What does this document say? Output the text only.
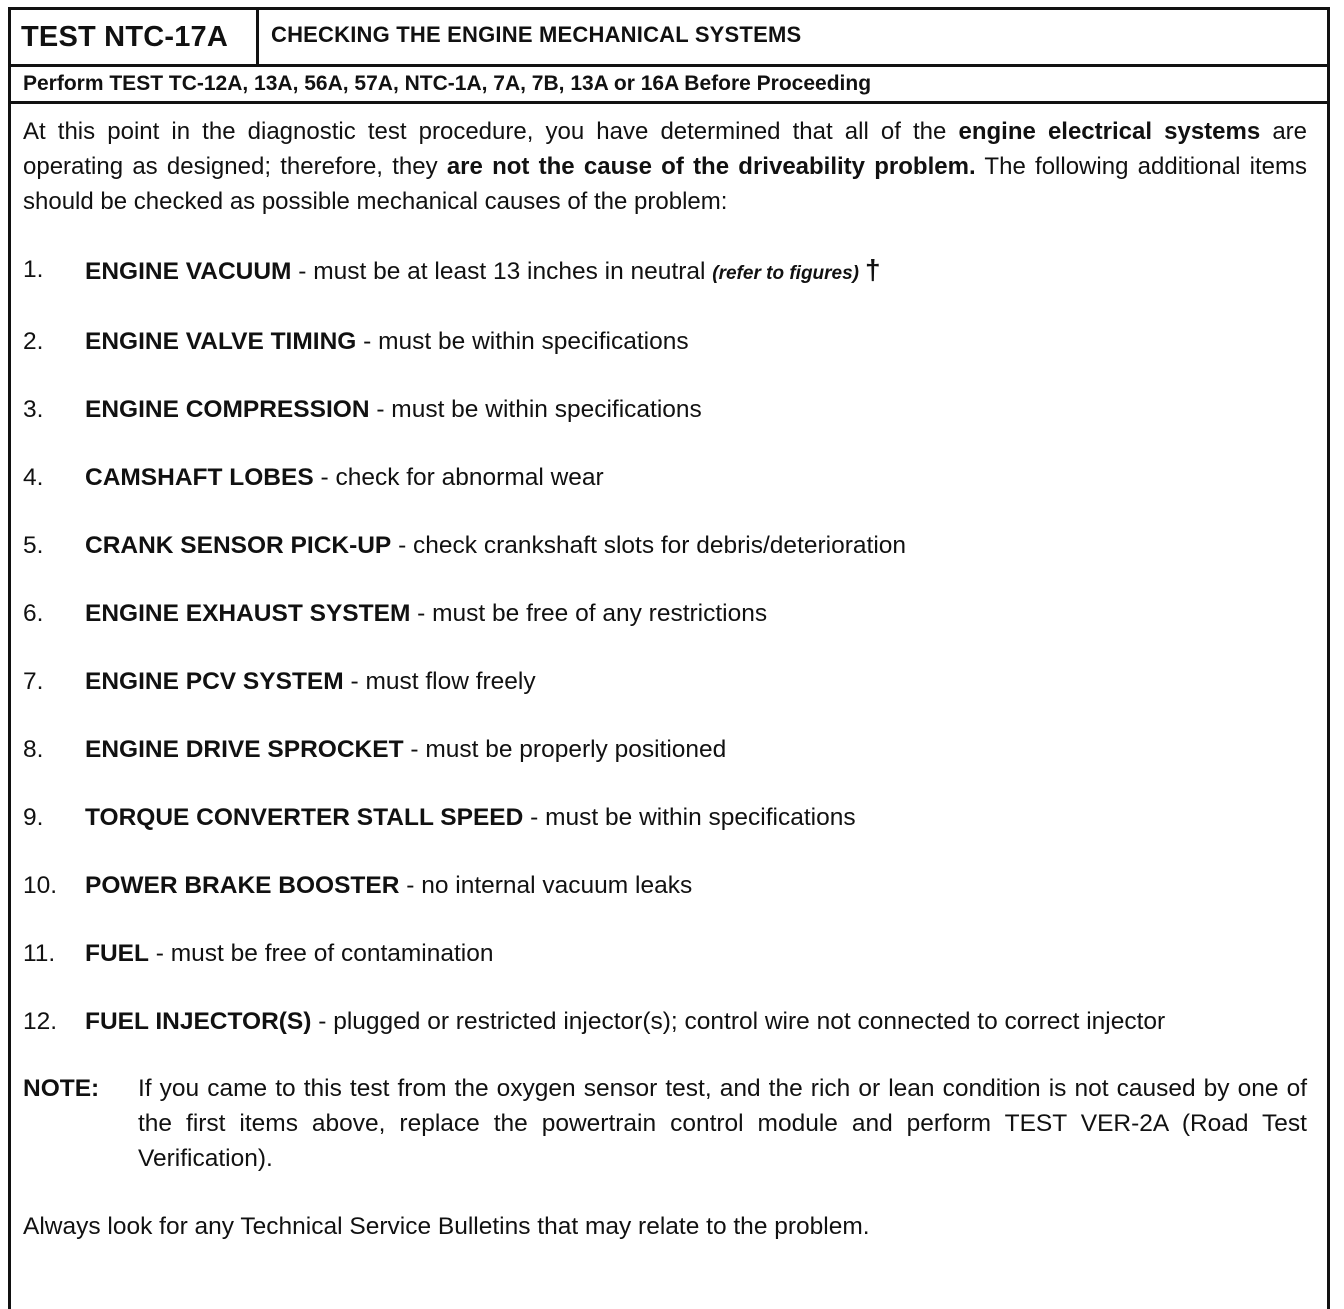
TEST NTC-17A	CHECKING THE ENGINE MECHANICAL SYSTEMS
Perform TEST TC-12A, 13A, 56A, 57A, NTC-1A, 7A, 7B, 13A or 16A Before Proceeding
At this point in the diagnostic test procedure, you have determined that all of the engine electrical systems are operating as designed; therefore, they are not the cause of the driveability problem. The following additional items should be checked as possible mechanical causes of the problem:
1.	ENGINE VACUUM - must be at least 13 inches in neutral (refer to figures) †
2.	ENGINE VALVE TIMING - must be within specifications
3.	ENGINE COMPRESSION - must be within specifications
4.	CAMSHAFT LOBES - check for abnormal wear
5.	CRANK SENSOR PICK-UP - check crankshaft slots for debris/deterioration
6.	ENGINE EXHAUST SYSTEM - must be free of any restrictions
7.	ENGINE PCV SYSTEM - must flow freely
8.	ENGINE DRIVE SPROCKET - must be properly positioned
9.	TORQUE CONVERTER STALL SPEED - must be within specifications
10.	POWER BRAKE BOOSTER - no internal vacuum leaks
11.	FUEL - must be free of contamination
12.	FUEL INJECTOR(S) - plugged or restricted injector(s); control wire not connected to correct injector
NOTE:	If you came to this test from the oxygen sensor test, and the rich or lean condition is not caused by one of the first items above, replace the powertrain control module and perform TEST VER-2A (Road Test Verification).
Always look for any Technical Service Bulletins that may relate to the problem.
